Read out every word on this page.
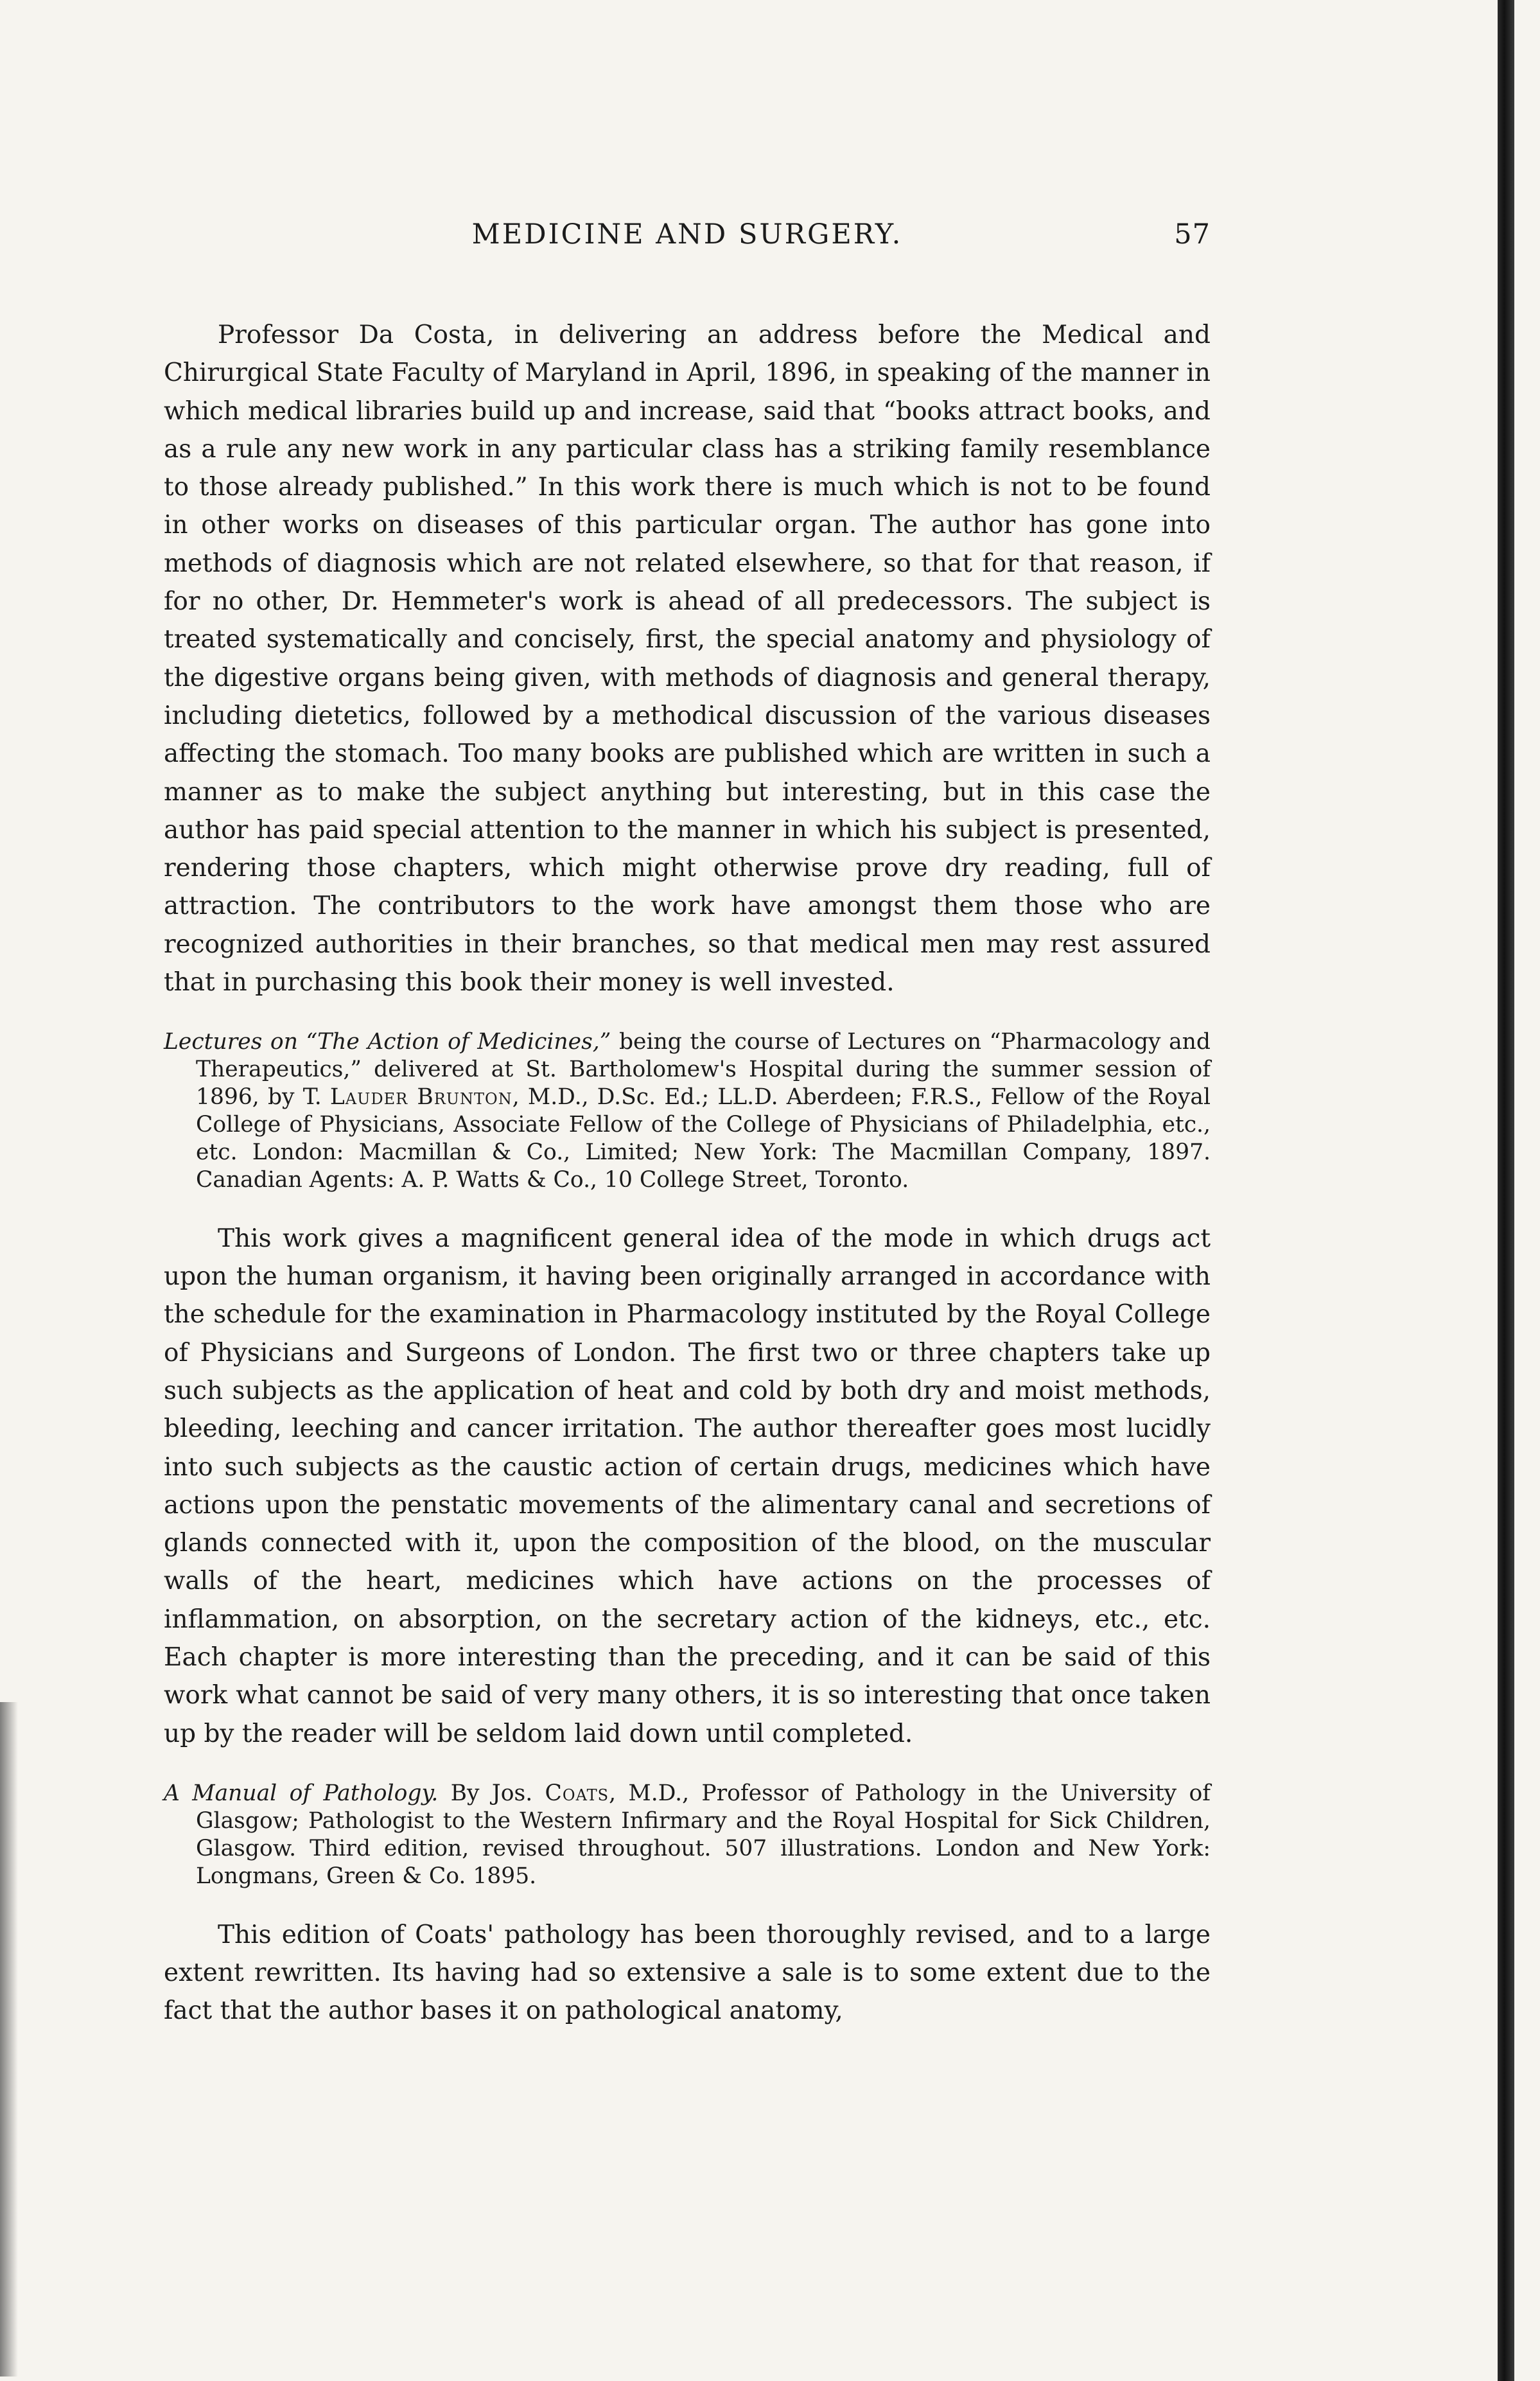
MEDICINE AND SURGERY.	57

Professor Da Costa, in delivering an address before the Medical and Chirurgical State Faculty of Maryland in April, 1896, in speaking of the manner in which medical libraries build up and increase, said that “books attract books, and as a rule any new work in any particular class has a striking family resemblance to those already published.” In this work there is much which is not to be found in other works on diseases of this particular organ. The author has gone into methods of diagnosis which are not related elsewhere, so that for that reason, if for no other, Dr. Hemmeter's work is ahead of all predecessors. The subject is treated systematically and concisely, first, the special anatomy and physiology of the digestive organs being given, with methods of diagnosis and general therapy, including dietetics, followed by a methodical discussion of the various diseases affecting the stomach. Too many books are published which are written in such a manner as to make the subject anything but interesting, but in this case the author has paid special attention to the manner in which his subject is presented, rendering those chapters, which might otherwise prove dry reading, full of attraction. The contributors to the work have amongst them those who are recognized authorities in their branches, so that medical men may rest assured that in purchasing this book their money is well invested.

Lectures on “The Action of Medicines,” being the course of Lectures on “Pharmacology and Therapeutics,” delivered at St. Bartholomew's Hospital during the summer session of 1896, by T. Lauder Brunton, M.D., D.Sc. Ed.; LL.D. Aberdeen; F.R.S., Fellow of the Royal College of Physicians, Associate Fellow of the College of Physicians of Philadelphia, etc., etc. London: Macmillan & Co., Limited; New York: The Macmillan Company, 1897. Canadian Agents: A. P. Watts & Co., 10 College Street, Toronto.

This work gives a magnificent general idea of the mode in which drugs act upon the human organism, it having been originally arranged in accordance with the schedule for the examination in Pharmacology instituted by the Royal College of Physicians and Surgeons of London. The first two or three chapters take up such subjects as the application of heat and cold by both dry and moist methods, bleeding, leeching and cancer irritation. The author thereafter goes most lucidly into such subjects as the caustic action of certain drugs, medicines which have actions upon the penstatic movements of the alimentary canal and secretions of glands connected with it, upon the composition of the blood, on the muscular walls of the heart, medicines which have actions on the processes of inflammation, on absorption, on the secretary action of the kidneys, etc., etc. Each chapter is more interesting than the preceding, and it can be said of this work what cannot be said of very many others, it is so interesting that once taken up by the reader will be seldom laid down until completed.

A Manual of Pathology. By Jos. Coats, M.D., Professor of Pathology in the University of Glasgow; Pathologist to the Western Infirmary and the Royal Hospital for Sick Children, Glasgow. Third edition, revised throughout. 507 illustrations. London and New York: Longmans, Green & Co. 1895.

This edition of Coats' pathology has been thoroughly revised, and to a large extent rewritten. Its having had so extensive a sale is to some extent due to the fact that the author bases it on pathological anatomy,
